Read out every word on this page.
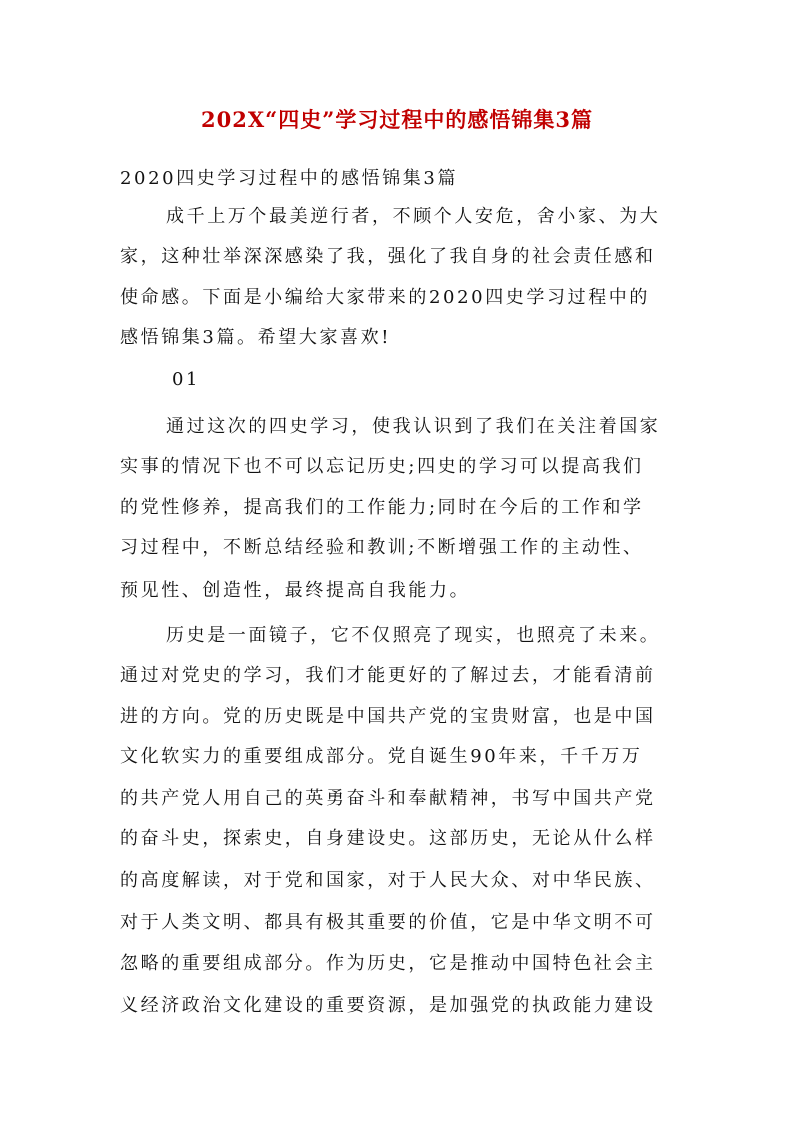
202X“四史”学习过程中的感悟锦集3篇
2020四史学习过程中的感悟锦集3篇
成千上万个最美逆行者，不顾个人安危，舍小家、为大
家，这种壮举深深感染了我，强化了我自身的社会责任感和
使命感。下面是小编给大家带来的2020四史学习过程中的
感悟锦集3篇。希望大家喜欢!
01
通过这次的四史学习，使我认识到了我们在关注着国家
实事的情况下也不可以忘记历史;四史的学习可以提高我们
的党性修养，提高我们的工作能力;同时在今后的工作和学
习过程中，不断总结经验和教训;不断增强工作的主动性、
预见性、创造性，最终提高自我能力。
历史是一面镜子，它不仅照亮了现实，也照亮了未来。
通过对党史的学习，我们才能更好的了解过去，才能看清前
进的方向。党的历史既是中国共产党的宝贵财富，也是中国
文化软实力的重要组成部分。党自诞生90年来，千千万万
的共产党人用自己的英勇奋斗和奉献精神，书写中国共产党
的奋斗史，探索史，自身建设史。这部历史，无论从什么样
的高度解读，对于党和国家，对于人民大众、对中华民族、
对于人类文明、都具有极其重要的价值，它是中华文明不可
忽略的重要组成部分。作为历史，它是推动中国特色社会主
义经济政治文化建设的重要资源，是加强党的执政能力建设
